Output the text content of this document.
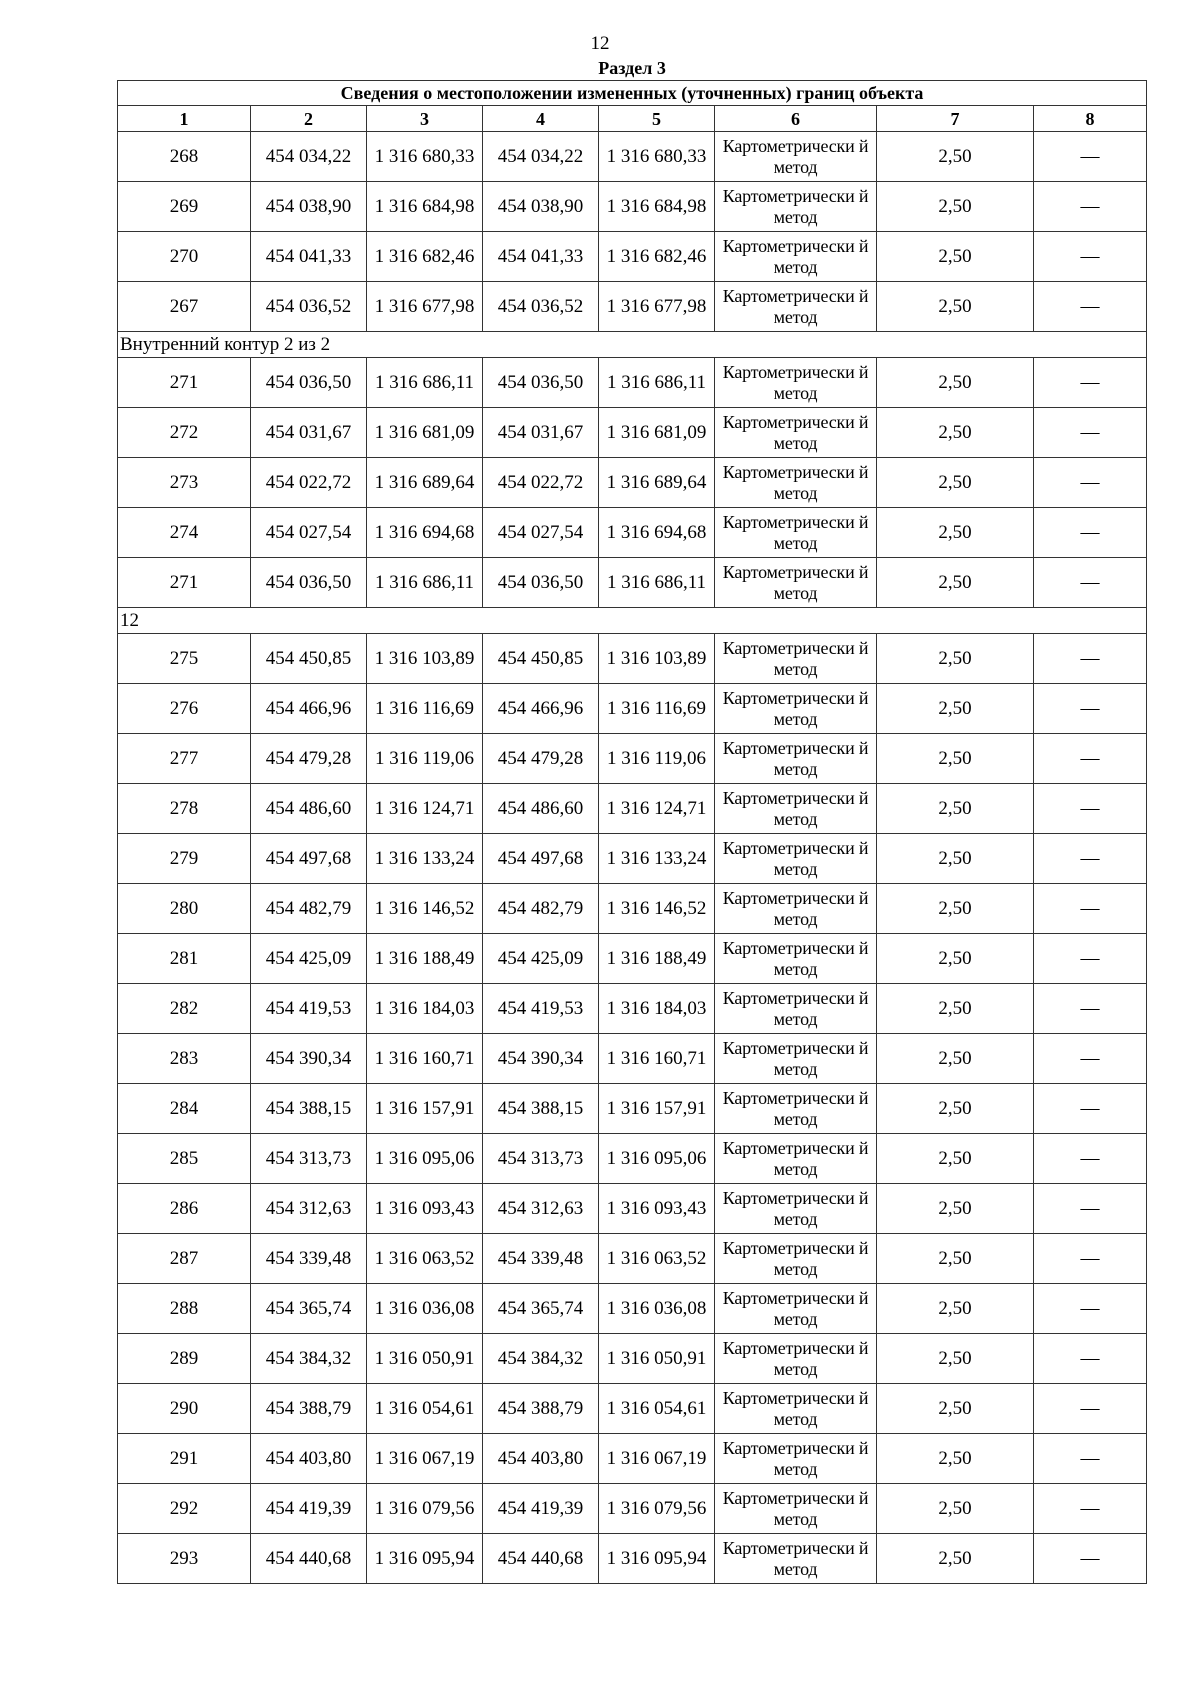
12
Раздел 3							
Сведения о местоположении измененных (уточненных) границ объекта							
1	2	3	4	5	6	7	8
268	454 034,22	1 316 680,33	454 034,22	1 316 680,33	Картометрически й метод	2,50	—
269	454 038,90	1 316 684,98	454 038,90	1 316 684,98	Картометрически й метод	2,50	—
270	454 041,33	1 316 682,46	454 041,33	1 316 682,46	Картометрически й метод	2,50	—
267	454 036,52	1 316 677,98	454 036,52	1 316 677,98	Картометрически й метод	2,50	—
Внутренний контур 2 из 2							
271	454 036,50	1 316 686,11	454 036,50	1 316 686,11	Картометрически й метод	2,50	—
272	454 031,67	1 316 681,09	454 031,67	1 316 681,09	Картометрически й метод	2,50	—
273	454 022,72	1 316 689,64	454 022,72	1 316 689,64	Картометрически й метод	2,50	—
274	454 027,54	1 316 694,68	454 027,54	1 316 694,68	Картометрически й метод	2,50	—
271	454 036,50	1 316 686,11	454 036,50	1 316 686,11	Картометрически й метод	2,50	—
12							
275	454 450,85	1 316 103,89	454 450,85	1 316 103,89	Картометрически й метод	2,50	—
276	454 466,96	1 316 116,69	454 466,96	1 316 116,69	Картометрически й метод	2,50	—
277	454 479,28	1 316 119,06	454 479,28	1 316 119,06	Картометрически й метод	2,50	—
278	454 486,60	1 316 124,71	454 486,60	1 316 124,71	Картометрически й метод	2,50	—
279	454 497,68	1 316 133,24	454 497,68	1 316 133,24	Картометрически й метод	2,50	—
280	454 482,79	1 316 146,52	454 482,79	1 316 146,52	Картометрически й метод	2,50	—
281	454 425,09	1 316 188,49	454 425,09	1 316 188,49	Картометрически й метод	2,50	—
282	454 419,53	1 316 184,03	454 419,53	1 316 184,03	Картометрически й метод	2,50	—
283	454 390,34	1 316 160,71	454 390,34	1 316 160,71	Картометрически й метод	2,50	—
284	454 388,15	1 316 157,91	454 388,15	1 316 157,91	Картометрически й метод	2,50	—
285	454 313,73	1 316 095,06	454 313,73	1 316 095,06	Картометрически й метод	2,50	—
286	454 312,63	1 316 093,43	454 312,63	1 316 093,43	Картометрически й метод	2,50	—
287	454 339,48	1 316 063,52	454 339,48	1 316 063,52	Картометрически й метод	2,50	—
288	454 365,74	1 316 036,08	454 365,74	1 316 036,08	Картометрически й метод	2,50	—
289	454 384,32	1 316 050,91	454 384,32	1 316 050,91	Картометрически й метод	2,50	—
290	454 388,79	1 316 054,61	454 388,79	1 316 054,61	Картометрически й метод	2,50	—
291	454 403,80	1 316 067,19	454 403,80	1 316 067,19	Картометрически й метод	2,50	—
292	454 419,39	1 316 079,56	454 419,39	1 316 079,56	Картометрически й метод	2,50	—
293	454 440,68	1 316 095,94	454 440,68	1 316 095,94	Картометрически й метод	2,50	—
